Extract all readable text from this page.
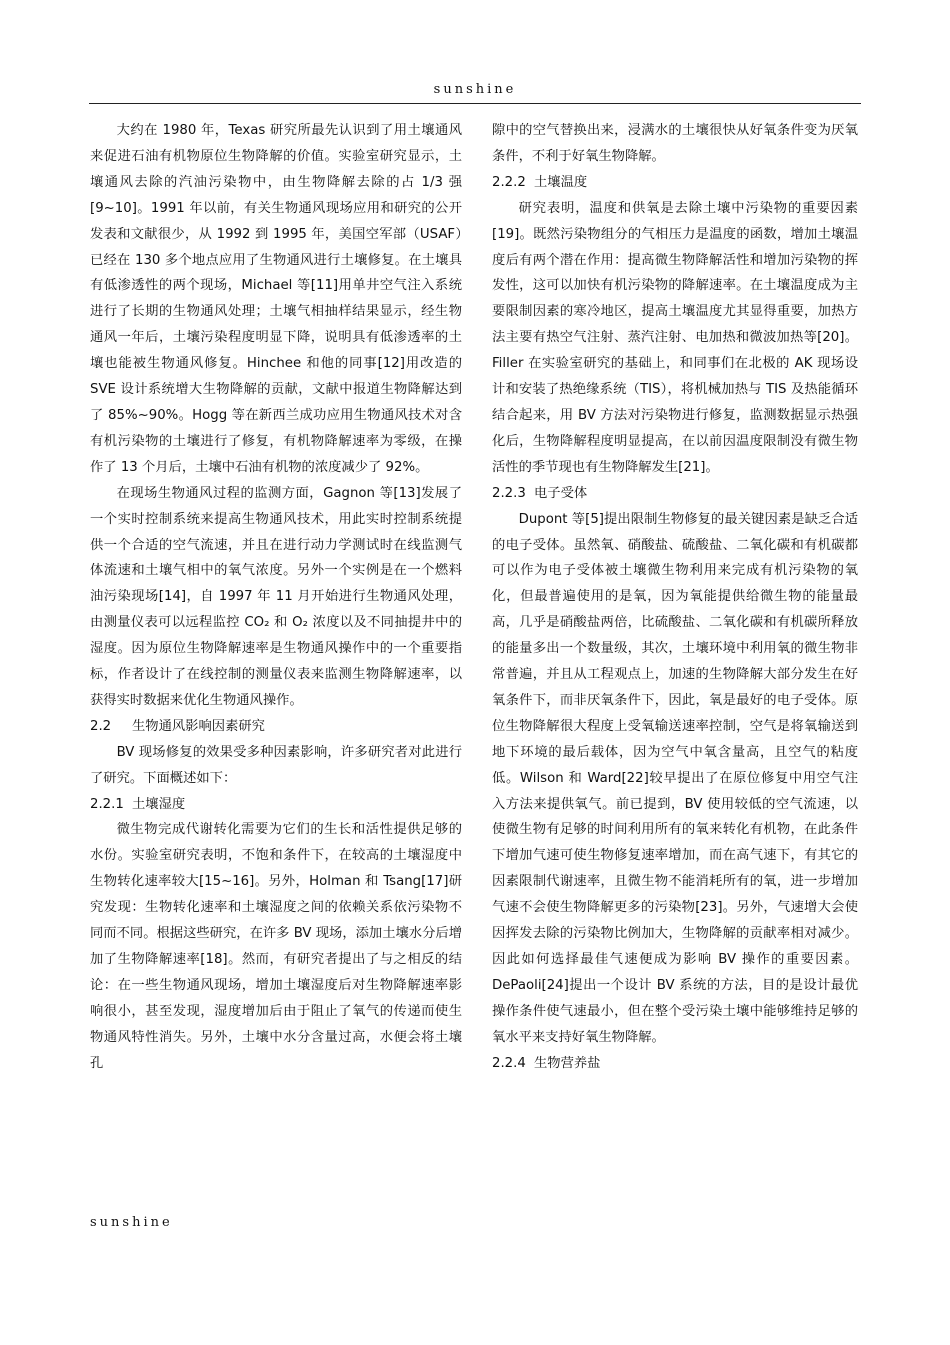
sunshine

大约在 1980 年，Texas 研究所最先认识到了用土壤通风来促进石油有机物原位生物降解的价值。实验室研究显示，土壤通风去除的汽油污染物中，由生物降解去除的占 1/3 强[9~10]。1991 年以前，有关生物通风现场应用和研究的公开发表和文献很少，从 1992 到 1995 年，美国空军部（USAF）已经在 130 多个地点应用了生物通风进行土壤修复。在土壤具有低渗透性的两个现场，Michael 等[11]用单井空气注入系统进行了长期的生物通风处理；土壤气相抽样结果显示，经生物通风一年后，土壤污染程度明显下降，说明具有低渗透率的土壤也能被生物通风修复。Hinchee 和他的同事[12]用改造的 SVE 设计系统增大生物降解的贡献，文献中报道生物降解达到了 85%~90%。Hogg 等在新西兰成功应用生物通风技术对含有机污染物的土壤进行了修复，有机物降解速率为零级，在操作了 13 个月后，土壤中石油有机物的浓度减少了 92%。

在现场生物通风过程的监测方面，Gagnon 等[13]发展了一个实时控制系统来提高生物通风技术，用此实时控制系统提供一个合适的空气流速，并且在进行动力学测试时在线监测气体流速和土壤气相中的氧气浓度。另外一个实例是在一个燃料油污染现场[14]，自 1997 年 11 月开始进行生物通风处理，由测量仪表可以远程监控 CO₂ 和 O₂ 浓度以及不同抽提井中的湿度。因为原位生物降解速率是生物通风操作中的一个重要指标，作者设计了在线控制的测量仪表来监测生物降解速率，以获得实时数据来优化生物通风操作。

2.2 生物通风影响因素研究

BV 现场修复的效果受多种因素影响，许多研究者对此进行了研究。下面概述如下：

2.2.1 土壤湿度

微生物完成代谢转化需要为它们的生长和活性提供足够的水份。实验室研究表明，不饱和条件下，在较高的土壤湿度中生物转化速率较大[15~16]。另外，Holman 和 Tsang[17]研究发现：生物转化速率和土壤湿度之间的依赖关系依污染物不同而不同。根据这些研究，在许多 BV 现场，添加土壤水分后增加了生物降解速率[18]。然而，有研究者提出了与之相反的结论：在一些生物通风现场，增加土壤湿度后对生物降解速率影响很小，甚至发现，湿度增加后由于阻止了氧气的传递而使生物通风特性消失。另外，土壤中水分含量过高，水便会将土壤孔

隙中的空气替换出来，浸满水的土壤很快从好氧条件变为厌氧条件，不利于好氧生物降解。

2.2.2 土壤温度

研究表明，温度和供氧是去除土壤中污染物的重要因素[19]。既然污染物组分的气相压力是温度的函数，增加土壤温度后有两个潜在作用：提高微生物降解活性和增加污染物的挥发性，这可以加快有机污染物的降解速率。在土壤温度成为主要限制因素的寒冷地区，提高土壤温度尤其显得重要，加热方法主要有热空气注射、蒸汽注射、电加热和微波加热等[20]。Filler 在实验室研究的基础上，和同事们在北极的 AK 现场设计和安装了热绝缘系统（TIS），将机械加热与 TIS 及热能循环结合起来，用 BV 方法对污染物进行修复，监测数据显示热强化后，生物降解程度明显提高，在以前因温度限制没有微生物活性的季节现也有生物降解发生[21]。

2.2.3 电子受体

Dupont 等[5]提出限制生物修复的最关键因素是缺乏合适的电子受体。虽然氧、硝酸盐、硫酸盐、二氧化碳和有机碳都可以作为电子受体被土壤微生物利用来完成有机污染物的氧化，但最普遍使用的是氧，因为氧能提供给微生物的能量最高，几乎是硝酸盐两倍，比硫酸盐、二氧化碳和有机碳所释放的能量多出一个数量级，其次，土壤环境中利用氧的微生物非常普遍，并且从工程观点上，加速的生物降解大部分发生在好氧条件下，而非厌氧条件下，因此，氧是最好的电子受体。原位生物降解很大程度上受氧输送速率控制，空气是将氧输送到地下环境的最后载体，因为空气中氧含量高，且空气的粘度低。Wilson 和 Ward[22]较早提出了在原位修复中用空气注入方法来提供氧气。前已提到，BV 使用较低的空气流速，以使微生物有足够的时间利用所有的氧来转化有机物，在此条件下增加气速可使生物修复速率增加，而在高气速下，有其它的因素限制代谢速率，且微生物不能消耗所有的氧，进一步增加气速不会使生物降解更多的污染物[23]。另外，气速增大会使因挥发去除的污染物比例加大，生物降解的贡献率相对减少。因此如何选择最佳气速便成为影响 BV 操作的重要因素。DePaoli[24]提出一个设计 BV 系统的方法，目的是设计最优操作条件使气速最小，但在整个受污染土壤中能够维持足够的氧水平来支持好氧生物降解。

2.2.4 生物营养盐
sunshine
